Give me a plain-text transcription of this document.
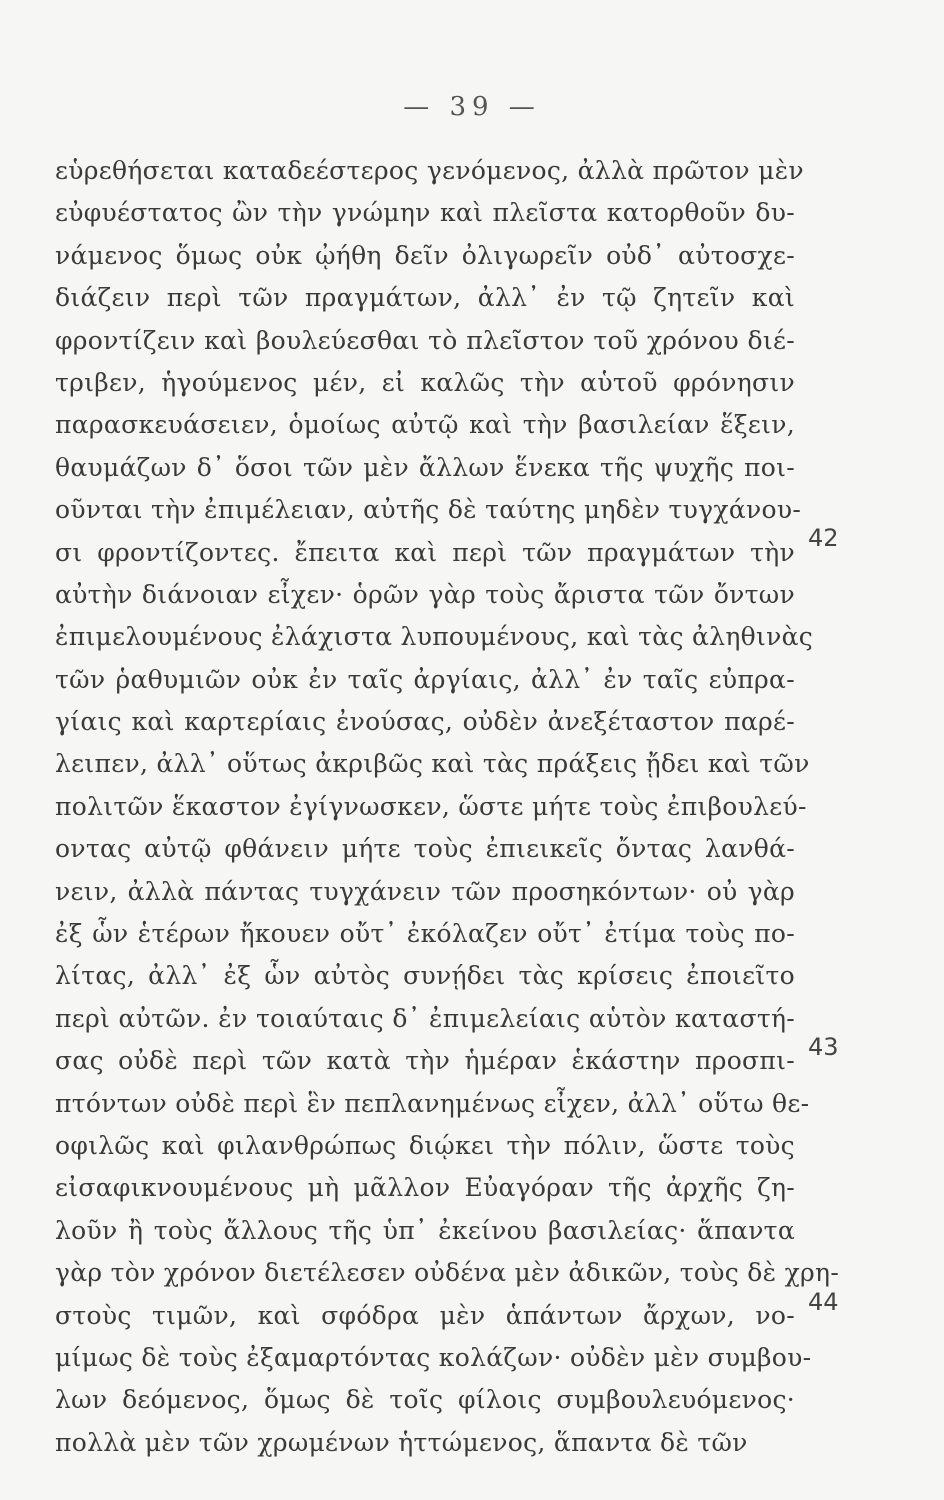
— 39 —
εὑρεθήσεται καταδεέστερος γενόμενος, ἀλλὰ πρῶτον μὲν
εὐφυέστατος ὢν τὴν γνώμην καὶ πλεῖστα κατορθοῦν δυ-
νάμενος ὅμως οὐκ ᾠήθη δεῖν ὀλιγωρεῖν οὐδ᾽ αὐτοσχε-
διάζειν περὶ τῶν πραγμάτων, ἀλλ᾽ ἐν τῷ ζητεῖν καὶ
φροντίζειν καὶ βουλεύεσθαι τὸ πλεῖστον τοῦ χρόνου διέ-
τριβεν, ἡγούμενος μέν, εἰ καλῶς τὴν αὑτοῦ φρόνησιν
παρασκευάσειεν, ὁμοίως αὐτῷ καὶ τὴν βασιλείαν ἕξειν,
θαυμάζων δ᾽ ὅσοι τῶν μὲν ἄλλων ἕνεκα τῆς ψυχῆς ποι-
οῦνται τὴν ἐπιμέλειαν, αὐτῆς δὲ ταύτης μηδὲν τυγχάνου-
σι φροντίζοντες. ἔπειτα καὶ περὶ τῶν πραγμάτων τὴν
αὐτὴν διάνοιαν εἶχεν· ὁρῶν γὰρ τοὺς ἄριστα τῶν ὄντων
ἐπιμελουμένους ἐλάχιστα λυπουμένους, καὶ τὰς ἀληθινὰς
τῶν ῥαθυμιῶν οὐκ ἐν ταῖς ἀργίαις, ἀλλ᾽ ἐν ταῖς εὐπρα-
γίαις καὶ καρτερίαις ἐνούσας, οὐδὲν ἀνεξέταστον παρέ-
λειπεν, ἀλλ᾽ οὕτως ἀκριβῶς καὶ τὰς πράξεις ᾔδει καὶ τῶν
πολιτῶν ἕκαστον ἐγίγνωσκεν, ὥστε μήτε τοὺς ἐπιβουλεύ-
οντας αὐτῷ φθάνειν μήτε τοὺς ἐπιεικεῖς ὄντας λανθά-
νειν, ἀλλὰ πάντας τυγχάνειν τῶν προσηκόντων· οὐ γὰρ
ἐξ ὧν ἑτέρων ἤκουεν οὔτ᾽ ἐκόλαζεν οὔτ᾽ ἐτίμα τοὺς πο-
λίτας, ἀλλ᾽ ἐξ ὧν αὐτὸς συνῄδει τὰς κρίσεις ἐποιεῖτο
περὶ αὐτῶν. ἐν τοιαύταις δ᾽ ἐπιμελείαις αὑτὸν καταστή-
σας οὐδὲ περὶ τῶν κατὰ τὴν ἡμέραν ἑκάστην προσπι-
πτόντων οὐδὲ περὶ ἓν πεπλανημένως εἶχεν, ἀλλ᾽ οὕτω θε-
οφιλῶς καὶ φιλανθρώπως διῴκει τὴν πόλιν, ὥστε τοὺς
εἰσαφικνουμένους μὴ μᾶλλον Εὐαγόραν τῆς ἀρχῆς ζη-
λοῦν ἢ τοὺς ἄλλους τῆς ὑπ᾽ ἐκείνου βασιλείας· ἅπαντα
γὰρ τὸν χρόνον διετέλεσεν οὐδένα μὲν ἀδικῶν, τοὺς δὲ χρη-
στοὺς τιμῶν, καὶ σφόδρα μὲν ἁπάντων ἄρχων, νο-
μίμως δὲ τοὺς ἐξαμαρτόντας κολάζων· οὐδὲν μὲν συμβου-
λων δεόμενος, ὅμως δὲ τοῖς φίλοις συμβουλευόμενος·
πολλὰ μὲν τῶν χρωμένων ἡττώμενος, ἅπαντα δὲ τῶν
42
43
44
